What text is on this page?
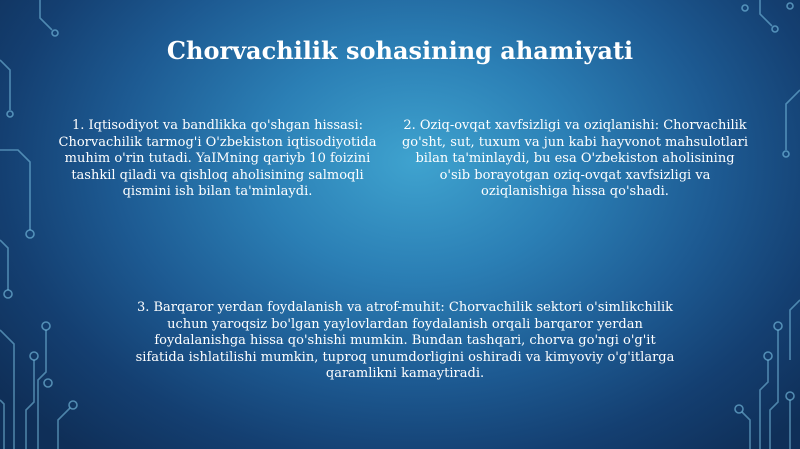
Chorvachilik sohasining ahamiyati
1. Iqtisodiyot va bandlikka qo'shgan hissasi: Chorvachilik tarmog'i O'zbekiston iqtisodiyotida muhim o'rin tutadi. YaIMning qariyb 10 foizini tashkil qiladi va qishloq aholisining salmoqli qismini ish bilan ta'minlaydi.
2. Oziq-ovqat xavfsizligi va oziqlanishi: Chorvachilik go'sht, sut, tuxum va jun kabi hayvonot mahsulotlari bilan ta'minlaydi, bu esa O'zbekiston aholisining o'sib borayotgan oziq-ovqat xavfsizligi va oziqlanishiga hissa qo'shadi.
3. Barqaror yerdan foydalanish va atrof-muhit: Chorvachilik sektori o'simlikchilik uchun yaroqsiz bo'lgan yaylovlardan foydalanish orqali barqaror yerdan foydalanishga hissa qo'shishi mumkin. Bundan tashqari, chorva go'ngi o'g'it sifatida ishlatilishi mumkin, tuproq unumdorligini oshiradi va kimyoviy o'g'itlarga qaramlikni kamaytiradi.
